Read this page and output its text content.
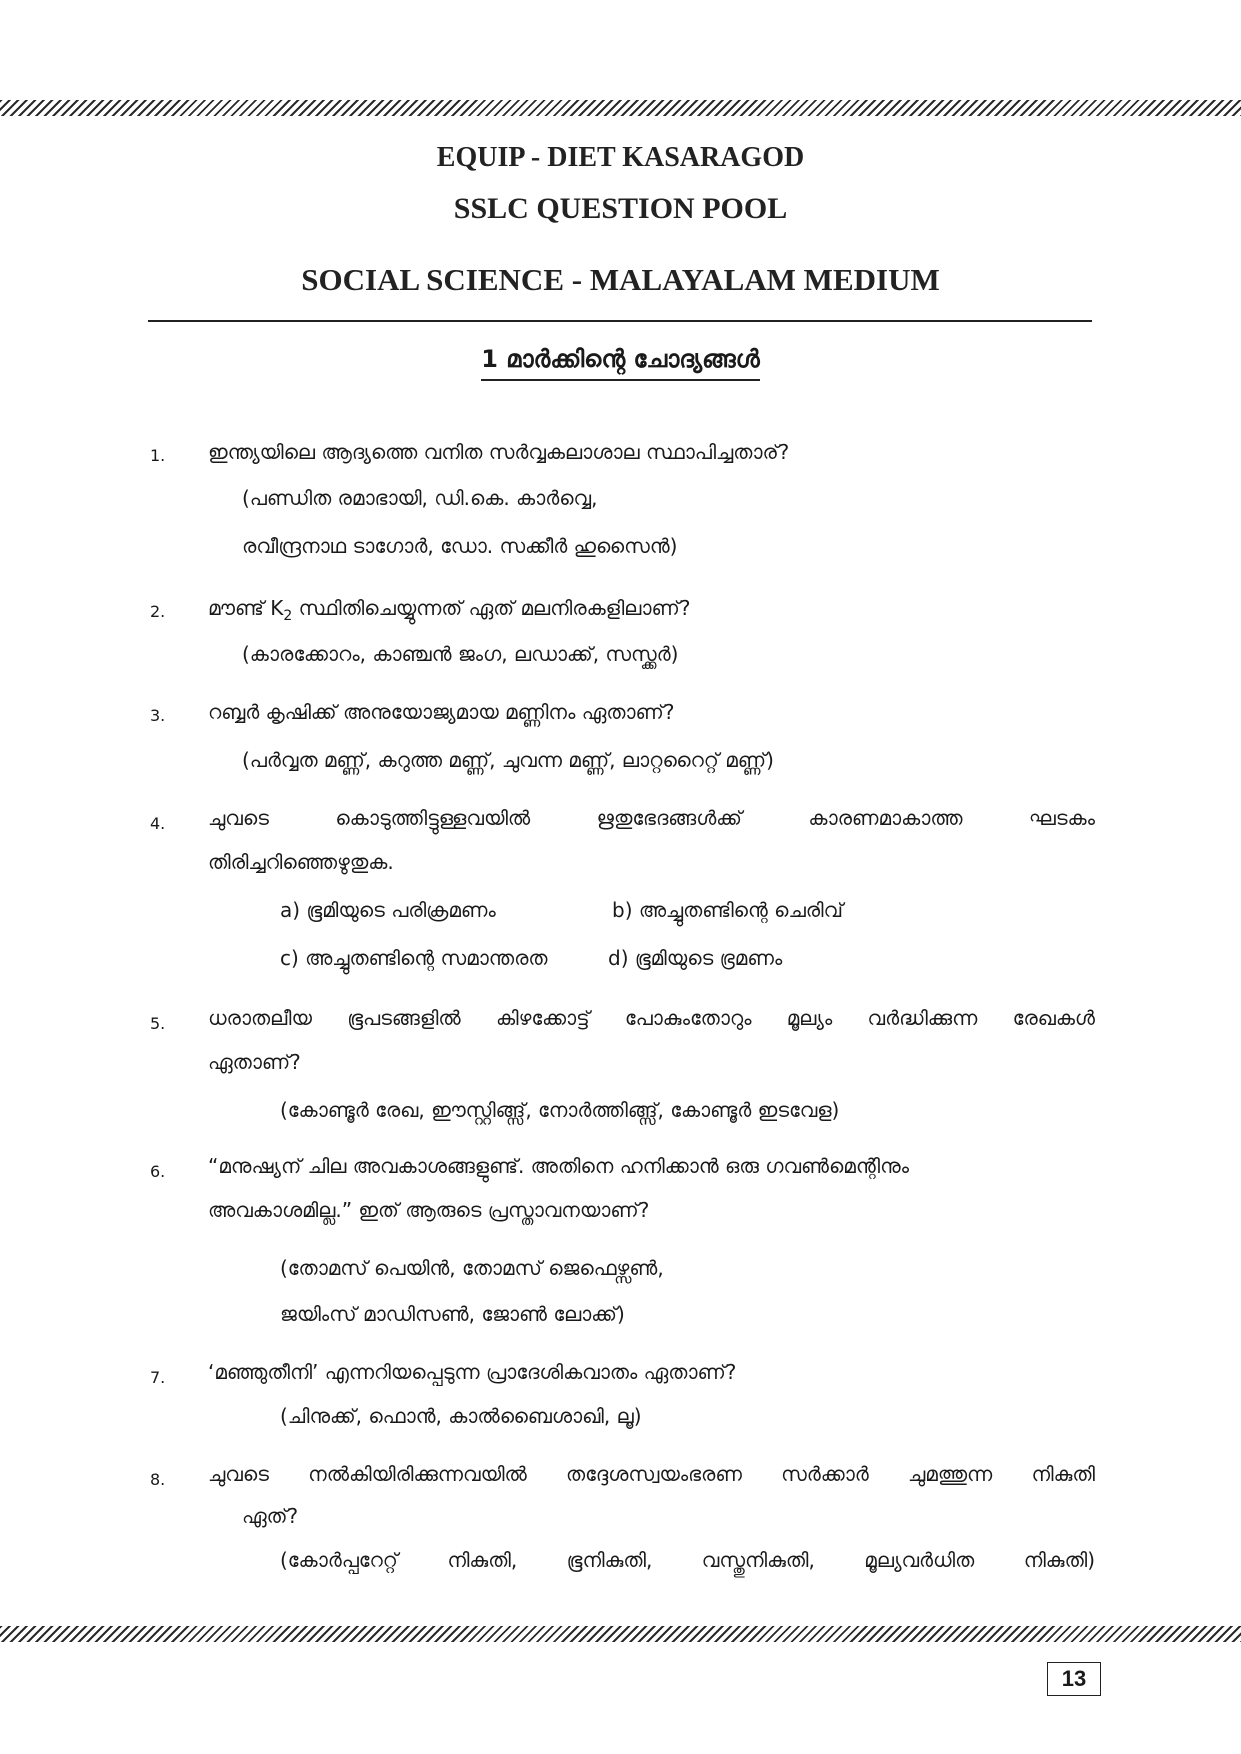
EQUIP - DIET KASARAGOD
SSLC QUESTION POOL
SOCIAL SCIENCE - MALAYALAM MEDIUM
1 മാർക്കിന്റെ ചോദ്യങ്ങൾ
1.	ഇന്ത്യയിലെ ആദ്യത്തെ വനിത സർവ്വകലാശാല സ്ഥാപിച്ചതാര്?
(പണ്ഡിത രമാഭായി, ഡി.കെ. കാർവ്വെ,
രവീന്ദ്രനാഥ ടാഗോർ, ഡോ. സക്കീർ ഹുസൈൻ)
2.	മൗണ്ട് $K_2$ സ്ഥിതിചെയ്യുന്നത് ഏത് മലനിരകളിലാണ്?
(കാരക്കോറം, കാഞ്ചൻ ജംഗ, ലഡാക്ക്, സസ്ക്കർ)
3.	റബ്ബർ കൃഷിക്ക് അനുയോജ്യമായ മണ്ണിനം ഏതാണ്?
(പർവ്വത മണ്ണ്, കറുത്ത മണ്ണ്, ചുവന്ന മണ്ണ്, ലാറ്ററൈറ്റ് മണ്ണ്)
4.	ചുവടെ കൊടുത്തിട്ടുള്ളവയിൽ ഋതുഭേദങ്ങൾക്ക് കാരണമാകാത്ത ഘടകം
തിരിച്ചറിഞ്ഞെഴുതുക.
a) ഭൂമിയുടെ പരിക്രമണം	b) അച്ചുതണ്ടിന്റെ ചെരിവ്
c) അച്ചുതണ്ടിന്റെ സമാന്തരത	d) ഭൂമിയുടെ ഭ്രമണം
5.	ധരാതലീയ ഭൂപടങ്ങളിൽ കിഴക്കോട്ട് പോകുംതോറും മൂല്യം വർദ്ധിക്കുന്ന രേഖകൾ
ഏതാണ്?
(കോണ്ടൂർ രേഖ, ഈസ്റ്റിങ്ങ്സ്, നോർത്തിങ്ങ്സ്, കോണ്ടൂർ ഇടവേള)
6.	“മനുഷ്യന് ചില അവകാശങ്ങളുണ്ട്. അതിനെ ഹനിക്കാൻ ഒരു ഗവൺമെന്റിനും
അവകാശമില്ല.” ഇത് ആരുടെ പ്രസ്താവനയാണ്?
(തോമസ് പെയിൻ, തോമസ് ജെഫെഴ്സൺ,
ജയിംസ് മാഡിസൺ, ജോൺ ലോക്ക്)
7.	‘മഞ്ഞുതീനി’ എന്നറിയപ്പെടുന്ന പ്രാദേശികവാതം ഏതാണ്?
(ചിനുക്ക്, ഫൊൻ, കാൽബൈശാഖി, ലൂ)
8.	ചുവടെ നൽകിയിരിക്കുന്നവയിൽ തദ്ദേശസ്വയംഭരണ സർക്കാർ ചുമത്തുന്ന നികുതി
ഏത്?
(കോർപ്പറേറ്റ് നികുതി, ഭൂനികുതി, വസ്തുനികുതി, മൂല്യവർധിത നികുതി)
13
